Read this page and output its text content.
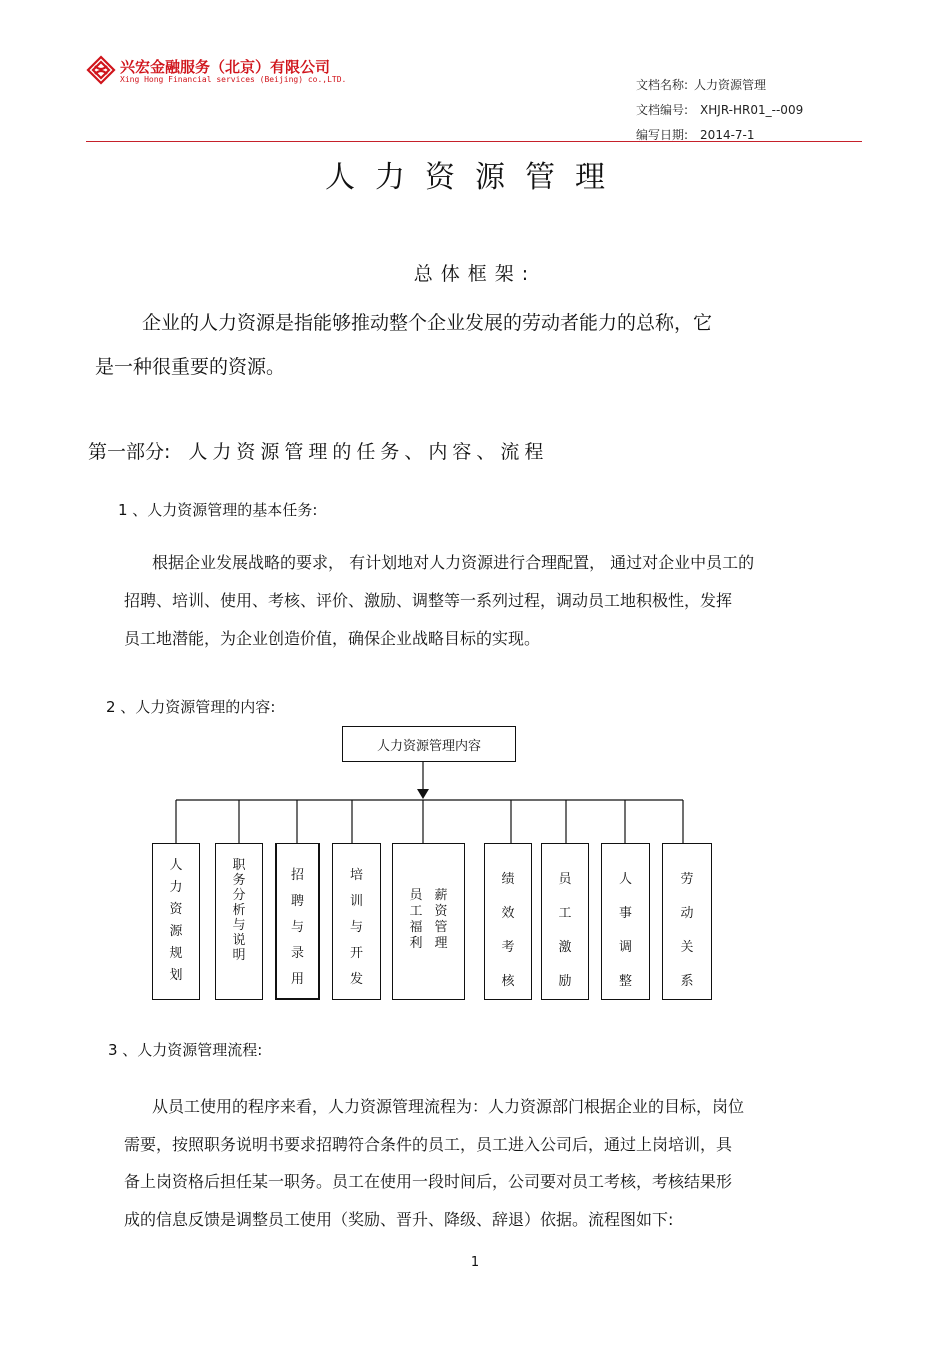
兴宏金融服务（北京）有限公司
Xing Hong Financial services (Beijing) co.,LTD.	文档名称: 人力资源管理
文档编号: XHJR-HR01_--009
编写日期: 2014-7-1
人力资源管理
总体框架:
企业的人力资源是指能够推动整个企业发展的劳动者能力的总称，它
是一种很重要的资源。
第一部分: 人力资源管理的任务、内容、流程
1 、人力资源管理的基本任务:
根据企业发展战略的要求， 有计划地对人力资源进行合理配置， 通过对企业中员工的
招聘、培训、使用、考核、评价、激励、调整等一系列过程，调动员工地积极性，发挥
员工地潜能，为企业创造价值，确保企业战略目标的实现。
2 、人力资源管理的内容:
人力资源管理内容
人
力
资
源
规
划
职
务
分
析
与
说
明
招
聘
与
录
用
培
训
与
开
发
员
工
福
利
薪
资
管
理
绩
效
考
核
员
工
激
励
人
事
调
整
劳
动
关
系
3 、人力资源管理流程:
从员工使用的程序来看，人力资源管理流程为：人力资源部门根据企业的目标，岗位
需要，按照职务说明书要求招聘符合条件的员工，员工进入公司后，通过上岗培训，具
备上岗资格后担任某一职务。员工在使用一段时间后，公司要对员工考核，考核结果形
成的信息反馈是调整员工使用（奖励、晋升、降级、辞退）依据。流程图如下:
1
